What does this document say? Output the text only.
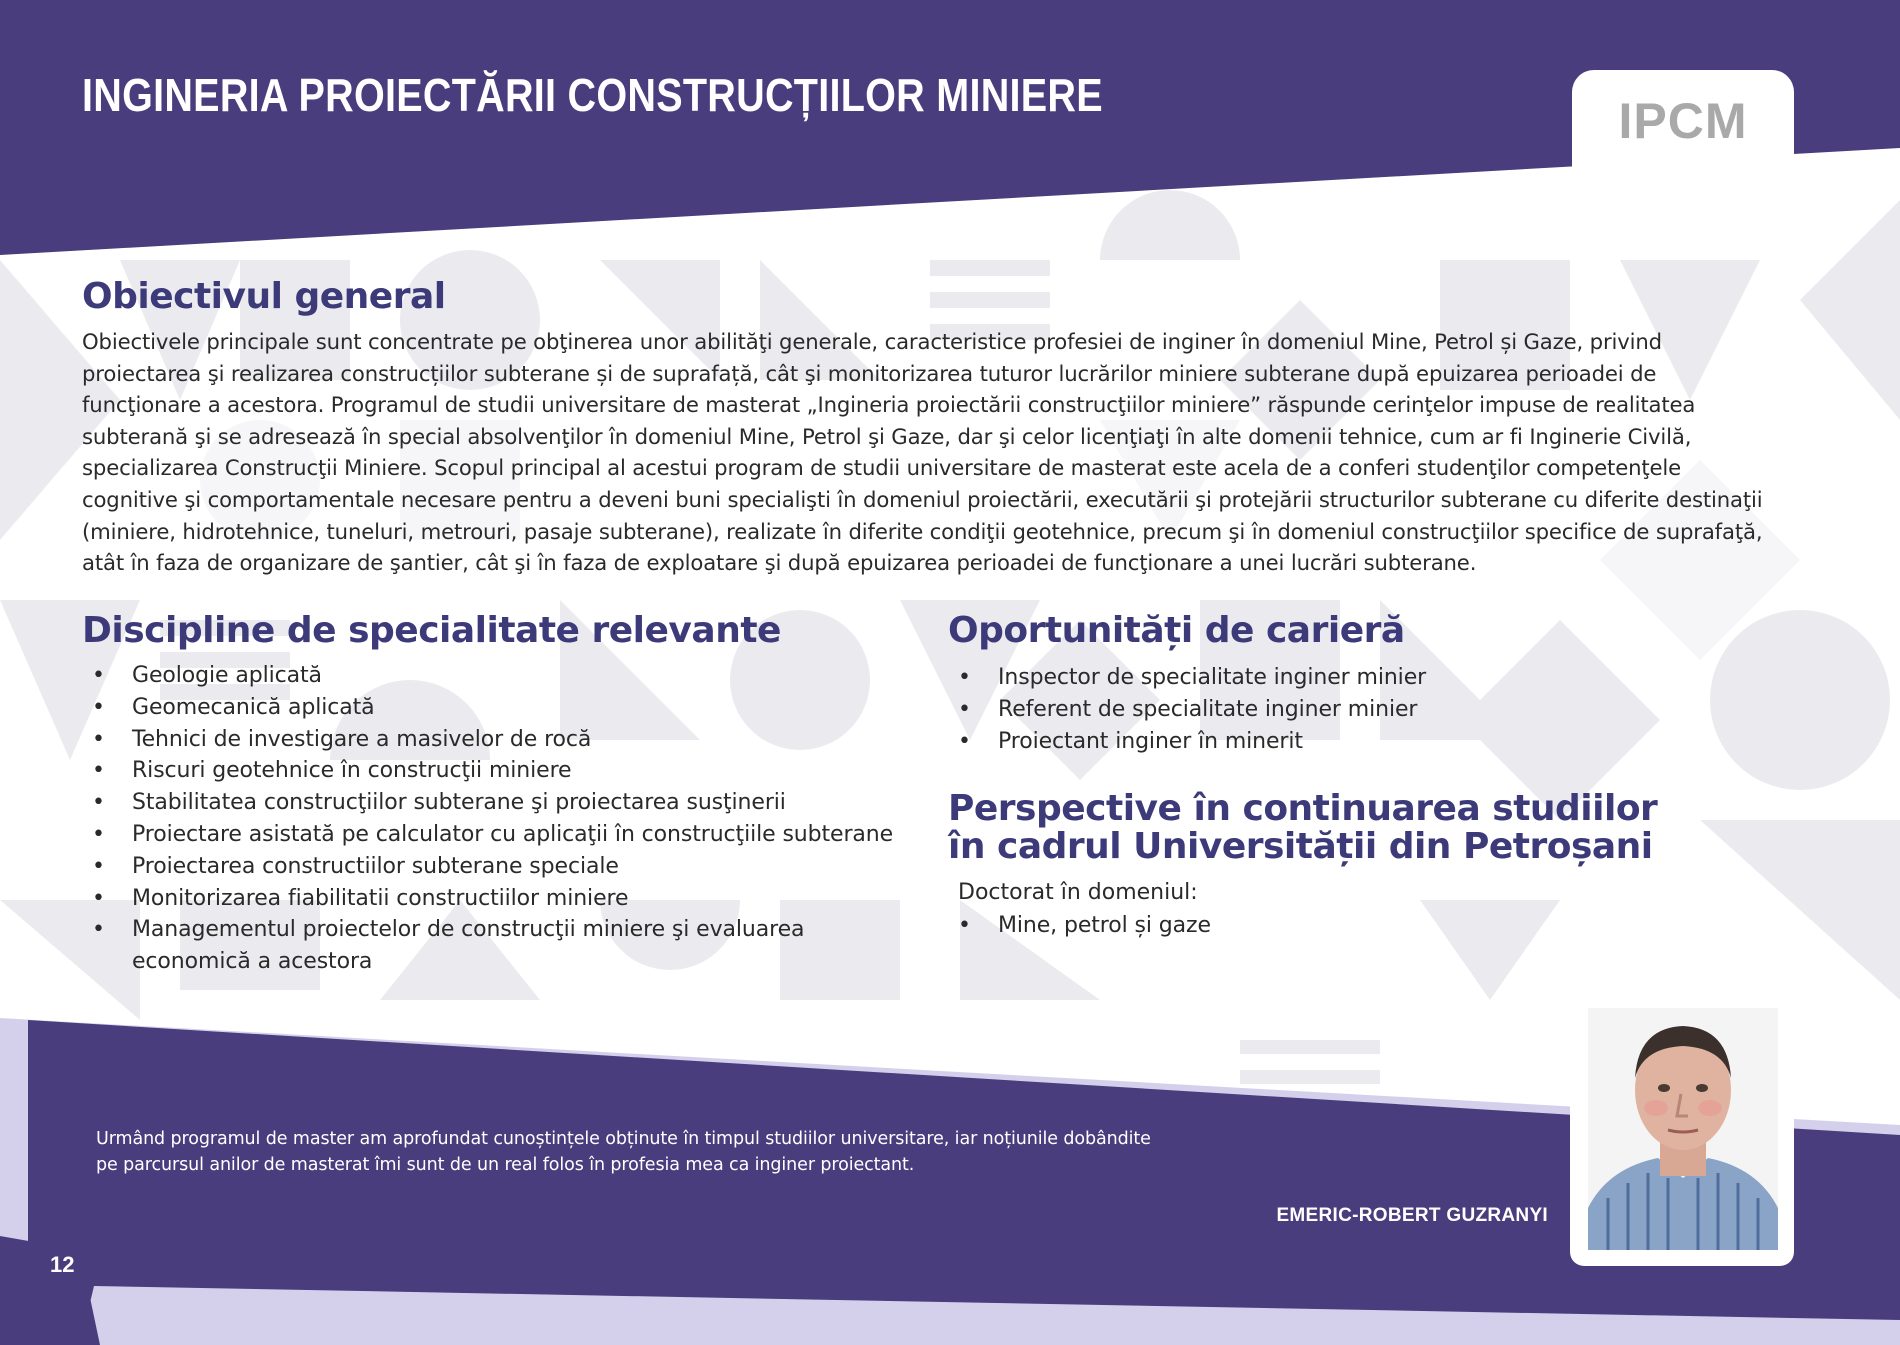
INGINERIA PROIECTĂRII CONSTRUCȚIILOR MINIERE	IPCM
Obiectivul general
Obiectivele principale sunt concentrate pe obţinerea unor abilităţi generale, caracteristice profesiei de inginer în domeniul Mine, Petrol și Gaze, privind
proiectarea şi realizarea construcțiilor subterane și de suprafață, cât şi monitorizarea tuturor lucrărilor miniere subterane după epuizarea perioadei de
funcţionare a acestora. Programul de studii universitare de masterat „Ingineria proiectării construcţiilor miniere” răspunde cerinţelor impuse de realitatea
subterană şi se adresează în special absolvenţilor în domeniul Mine, Petrol şi Gaze, dar şi celor licenţiaţi în alte domenii tehnice, cum ar fi Inginerie Civilă,
specializarea Construcţii Miniere. Scopul principal al acestui program de studii universitare de masterat este acela de a conferi studenţilor competenţele
cognitive şi comportamentale necesare pentru a deveni buni specialişti în domeniul proiectării, executării şi protejării structurilor subterane cu diferite destinaţii
(miniere, hidrotehnice, tuneluri, metrouri, pasaje subterane), realizate în diferite condiţii geotehnice, precum şi în domeniul construcţiilor specifice de suprafaţă,
atât în faza de organizare de şantier, cât şi în faza de exploatare şi după epuizarea perioadei de funcţionare a unei lucrări subterane.
Discipline de specialitate relevante
• Geologie aplicată
• Geomecanică aplicată
• Tehnici de investigare a masivelor de rocă
• Riscuri geotehnice în construcţii miniere
• Stabilitatea construcţiilor subterane şi proiectarea susţinerii
• Proiectare asistată pe calculator cu aplicaţii în construcţiile subterane
• Proiectarea constructiilor subterane speciale
• Monitorizarea fiabilitatii constructiilor miniere
• Managementul proiectelor de construcţii miniere şi evaluarea
economică a acestora
Oportunități de carieră
• Inspector de specialitate inginer minier
• Referent de specialitate inginer minier
• Proiectant inginer în minerit
Perspective în continuarea studiilor
în cadrul Universității din Petroșani

Doctorat în domeniul:

• Mine, petrol și gaze
Urmând programul de master am aprofundat cunoștințele obținute în timpul studiilor universitare, iar noțiunile dobândite
pe parcursul anilor de masterat îmi sunt de un real folos în profesia mea ca inginer proiectant.

EMERIC-ROBERT GUZRANYI

12
